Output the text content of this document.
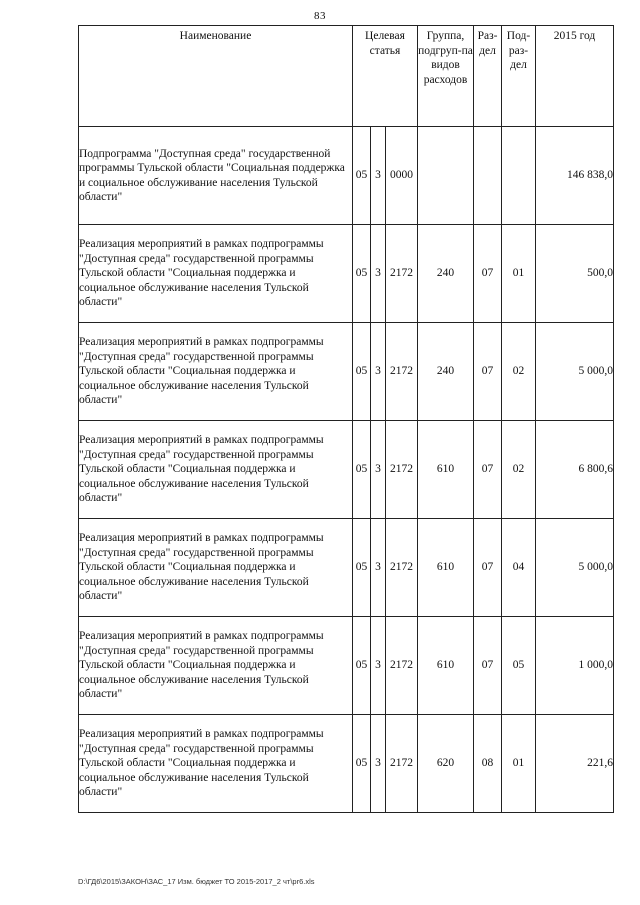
83
Наименование	Целевая статья			Группа, подгруп-па видов расходов	Раз-дел	Под-раз-дел	2015 год
Подпрограмма "Доступная среда" государственной программы Тульской области "Социальная поддержка и социальное обслуживание населения Тульской области"	05	3	0000				146 838,0
Реализация мероприятий в рамках подпрограммы "Доступная среда" государственной программы Тульской области "Социальная поддержка и социальное обслуживание населения Тульской области"	05	3	2172	240	07	01	500,0
Реализация мероприятий в рамках подпрограммы "Доступная среда" государственной программы Тульской области "Социальная поддержка и социальное обслуживание населения Тульской области"	05	3	2172	240	07	02	5 000,0
Реализация мероприятий в рамках подпрограммы "Доступная среда" государственной программы Тульской области "Социальная поддержка и социальное обслуживание населения Тульской области"	05	3	2172	610	07	02	6 800,6
Реализация мероприятий в рамках подпрограммы "Доступная среда" государственной программы Тульской области "Социальная поддержка и социальное обслуживание населения Тульской области"	05	3	2172	610	07	04	5 000,0
Реализация мероприятий в рамках подпрограммы "Доступная среда" государственной программы Тульской области "Социальная поддержка и социальное обслуживание населения Тульской области"	05	3	2172	610	07	05	1 000,0
Реализация мероприятий в рамках подпрограммы "Доступная среда" государственной программы Тульской области "Социальная поддержка и социальное обслуживание населения Тульской области"	05	3	2172	620	08	01	221,6
D:\ГД6\2015\ЗАКОН\ЗАС_17 Изм. бюджет ТО 2015-2017_2 чт\pr6.xls
